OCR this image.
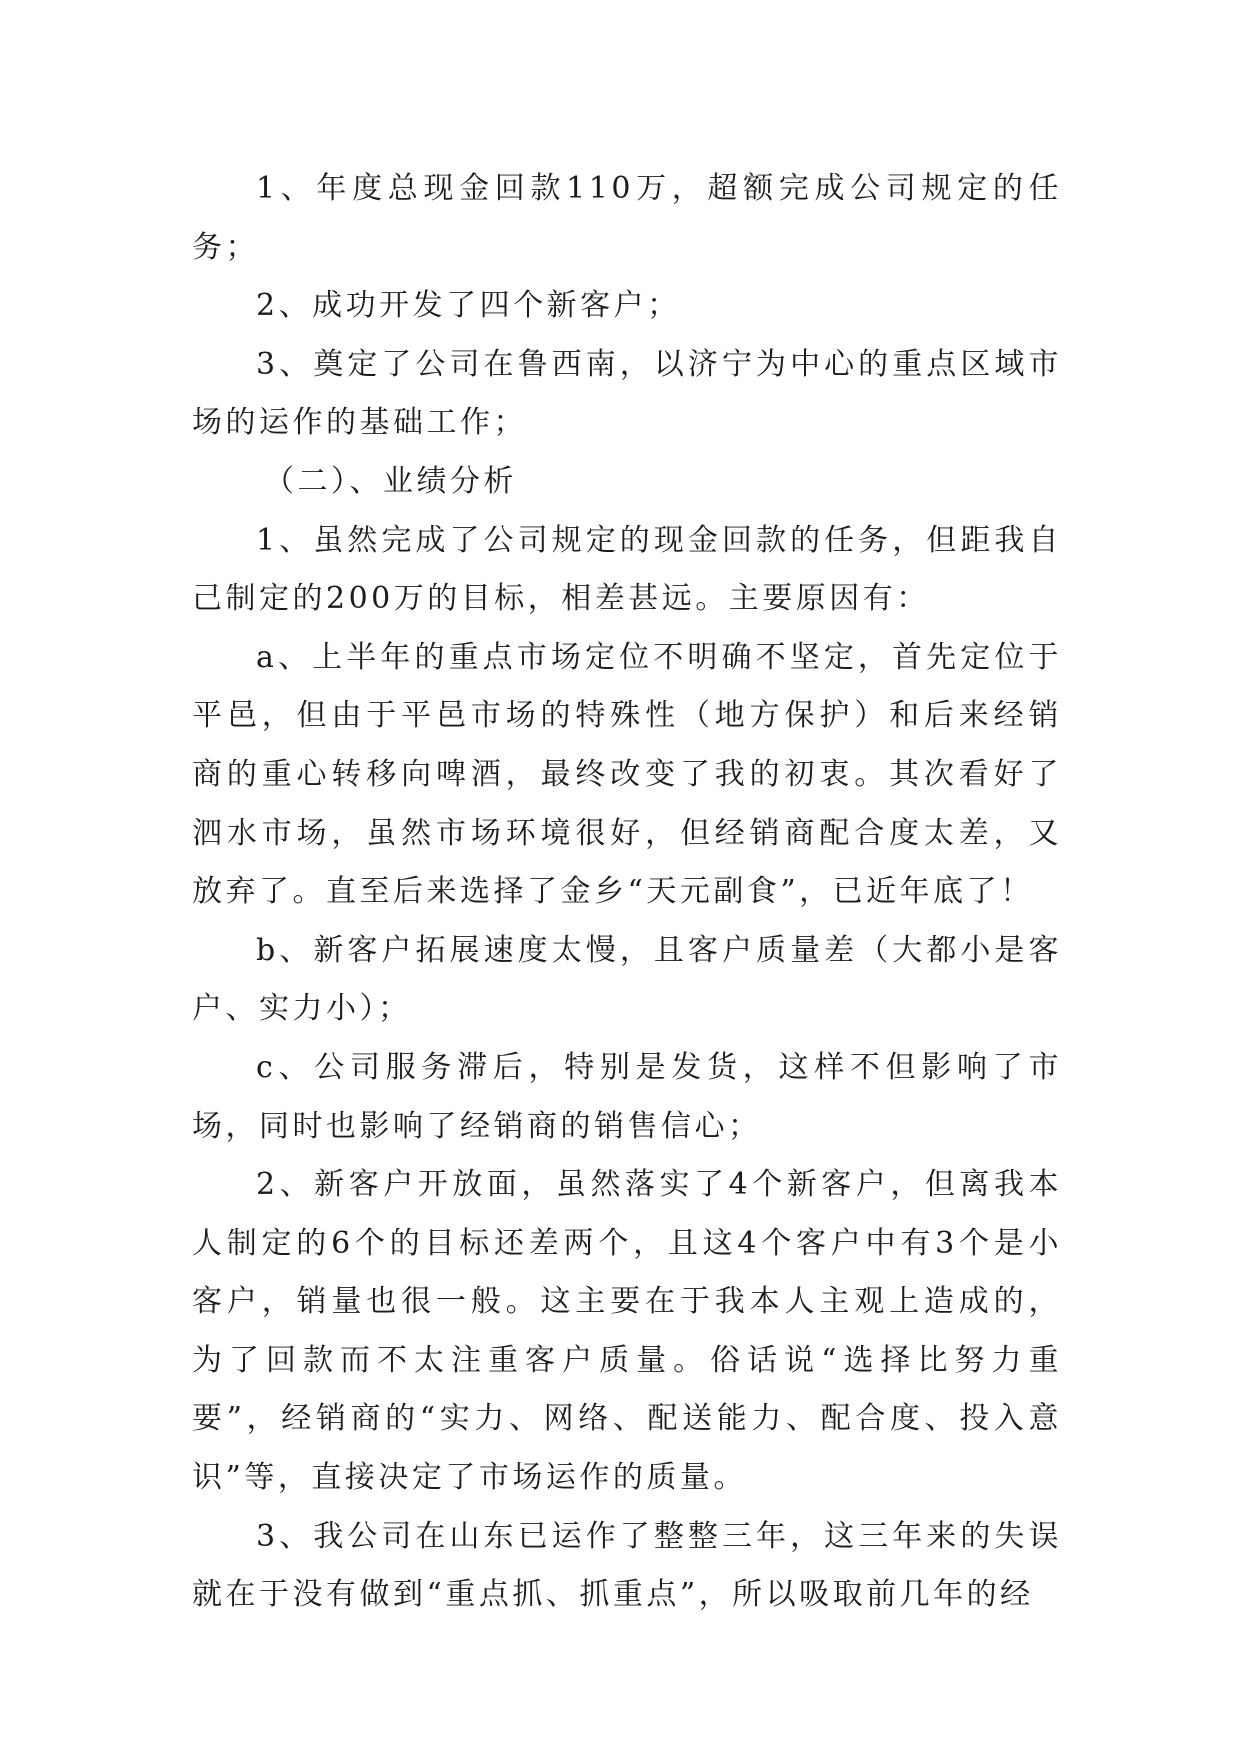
1、年度总现金回款110万，超额完成公司规定的任务；

2、成功开发了四个新客户；

3、奠定了公司在鲁西南，以济宁为中心的重点区域市场的运作的基础工作；

（二）、业绩分析

1、虽然完成了公司规定的现金回款的任务，但距我自己制定的200万的目标，相差甚远。主要原因有：

a、上半年的重点市场定位不明确不坚定，首先定位于平邑，但由于平邑市场的特殊性（地方保护）和后来经销商的重心转移向啤酒，最终改变了我的初衷。其次看好了泗水市场，虽然市场环境很好，但经销商配合度太差，又放弃了。直至后来选择了金乡“天元副食”，已近年底了！

b、新客户拓展速度太慢，且客户质量差（大都小是客户、实力小）；

c、公司服务滞后，特别是发货，这样不但影响了市场，同时也影响了经销商的销售信心；

2、新客户开放面，虽然落实了4个新客户，但离我本人制定的6个的目标还差两个，且这4个客户中有3个是小客户，销量也很一般。这主要在于我本人主观上造成的，为了回款而不太注重客户质量。俗话说“选择比努力重要”，经销商的“实力、网络、配送能力、配合度、投入意识”等，直接决定了市场运作的质量。

3、我公司在山东已运作了整整三年，这三年来的失误就在于没有做到“重点抓、抓重点”，所以吸取前几年的经
